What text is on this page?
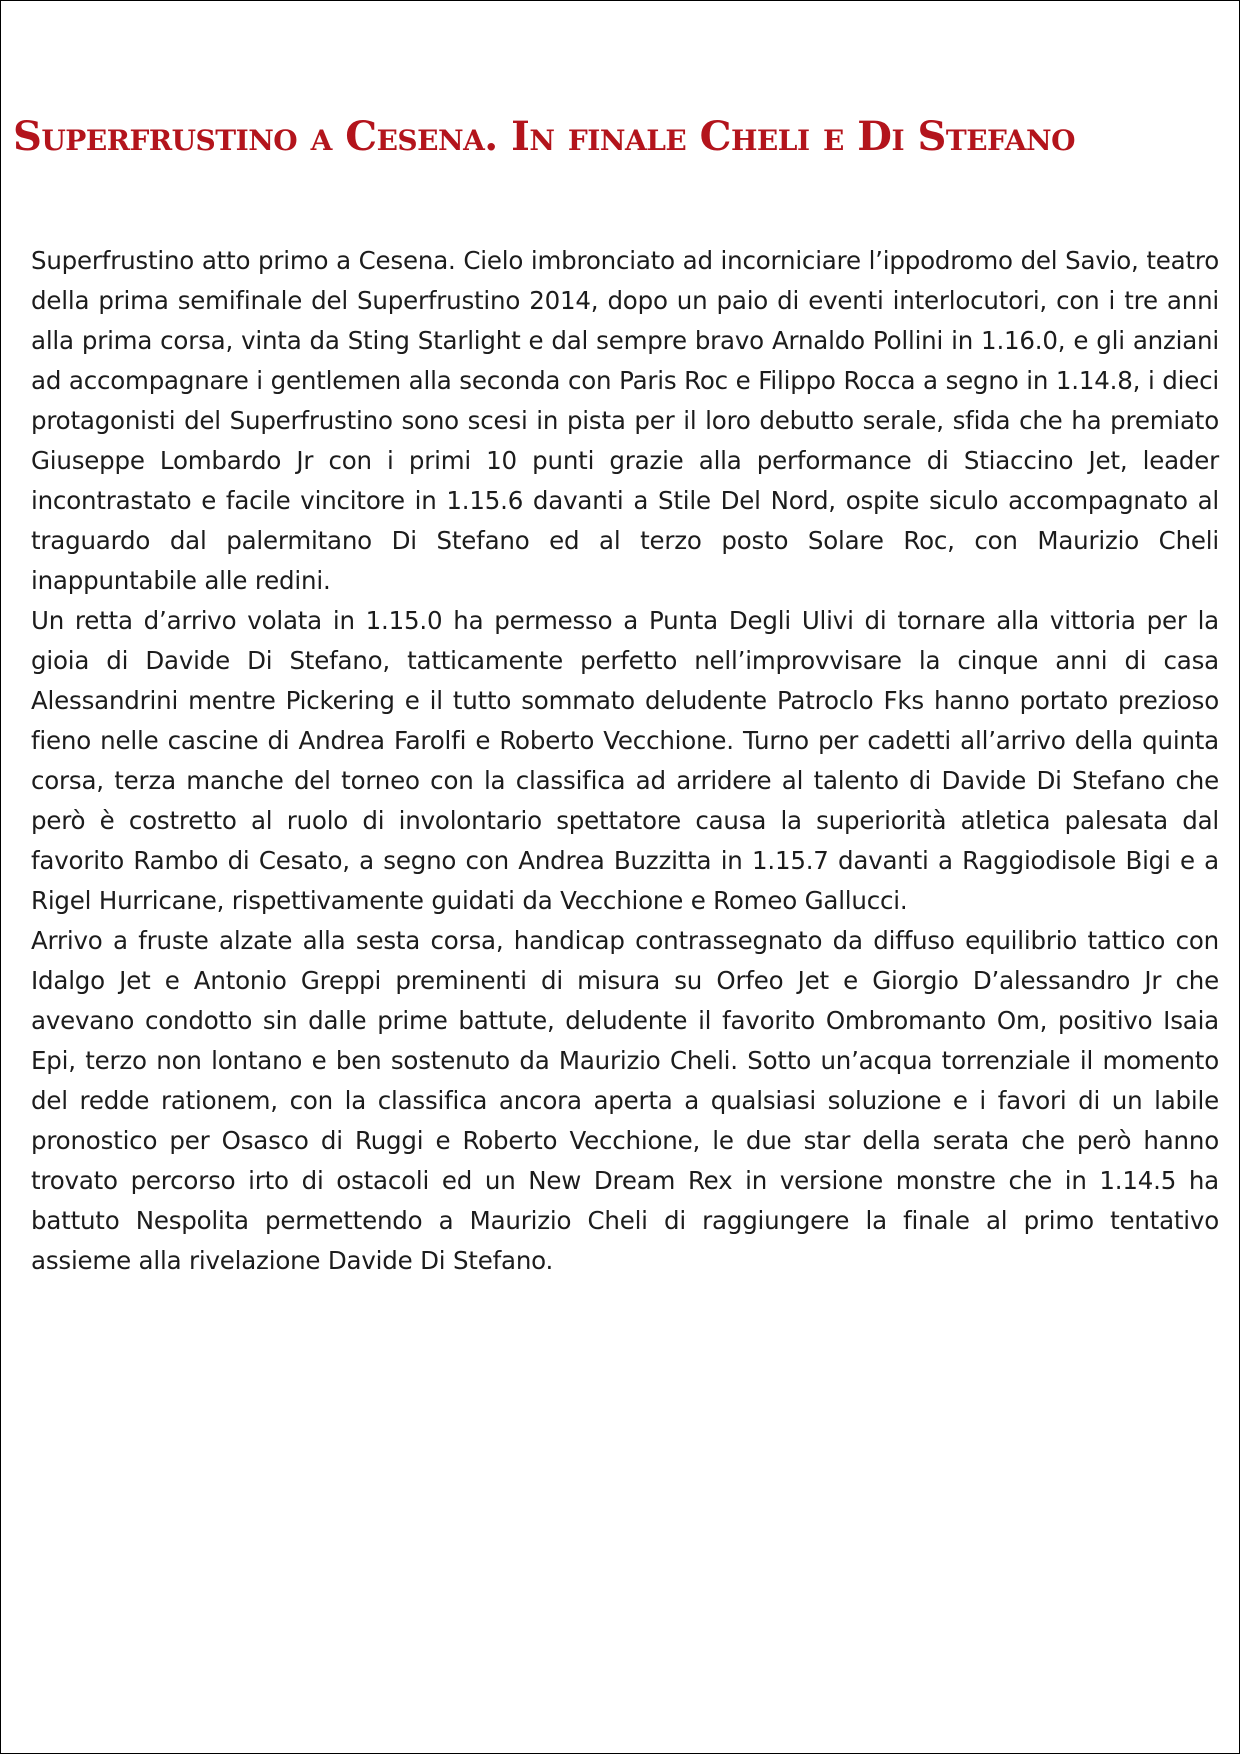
Superfrustino a Cesena. In finale Cheli e Di Stefano

Superfrustino atto primo a Cesena. Cielo imbronciato ad incorniciare l’ippodromo del Savio, teatro della prima semifinale del Superfrustino 2014, dopo un paio di eventi interlocutori, con i tre anni alla prima corsa, vinta da Sting Starlight e dal sempre bravo Arnaldo Pollini in 1.16.0, e gli anziani ad accompagnare i gentlemen alla seconda con Paris Roc e Filippo Rocca a segno in 1.14.8, i dieci protagonisti del Superfrustino sono scesi in pista per il loro debutto serale, sfida che ha premiato Giuseppe Lombardo Jr con i primi 10 punti grazie alla performance di Stiaccino Jet, leader incontrastato e facile vincitore in 1.15.6 davanti a Stile Del Nord, ospite siculo accompagnato al traguardo dal palermitano Di Stefano ed al terzo posto Solare Roc, con Maurizio Cheli inappuntabile alle redini.

Un retta d’arrivo volata in 1.15.0 ha permesso a Punta Degli Ulivi di tornare alla vittoria per la gioia di Davide Di Stefano, tatticamente perfetto nell’improvvisare la cinque anni di casa Alessandrini mentre Pickering e il tutto sommato deludente Patroclo Fks hanno portato prezioso fieno nelle cascine di Andrea Farolfi e Roberto Vecchione. Turno per cadetti all’arrivo della quinta corsa, terza manche del torneo con la classifica ad arridere al talento di Davide Di Stefano che però è costretto al ruolo di involontario spettatore causa la superiorità atletica palesata dal favorito Rambo di Cesato, a segno con Andrea Buzzitta in 1.15.7 davanti a Raggiodisole Bigi e a Rigel Hurricane, rispettivamente guidati da Vecchione e Romeo Gallucci.

Arrivo a fruste alzate alla sesta corsa, handicap contrassegnato da diffuso equilibrio tattico con Idalgo Jet e Antonio Greppi preminenti di misura su Orfeo Jet e Giorgio D’alessandro Jr che avevano condotto sin dalle prime battute, deludente il favorito Ombromanto Om, positivo Isaia Epi, terzo non lontano e ben sostenuto da Maurizio Cheli. Sotto un’acqua torrenziale il momento del redde rationem, con la classifica ancora aperta a qualsiasi soluzione e i favori di un labile pronostico per Osasco di Ruggi e Roberto Vecchione, le due star della serata che però hanno trovato percorso irto di ostacoli ed un New Dream Rex in versione monstre che in 1.14.5 ha battuto Nespolita permettendo a Maurizio Cheli di raggiungere la finale al primo tentativo assieme alla rivelazione Davide Di Stefano.
